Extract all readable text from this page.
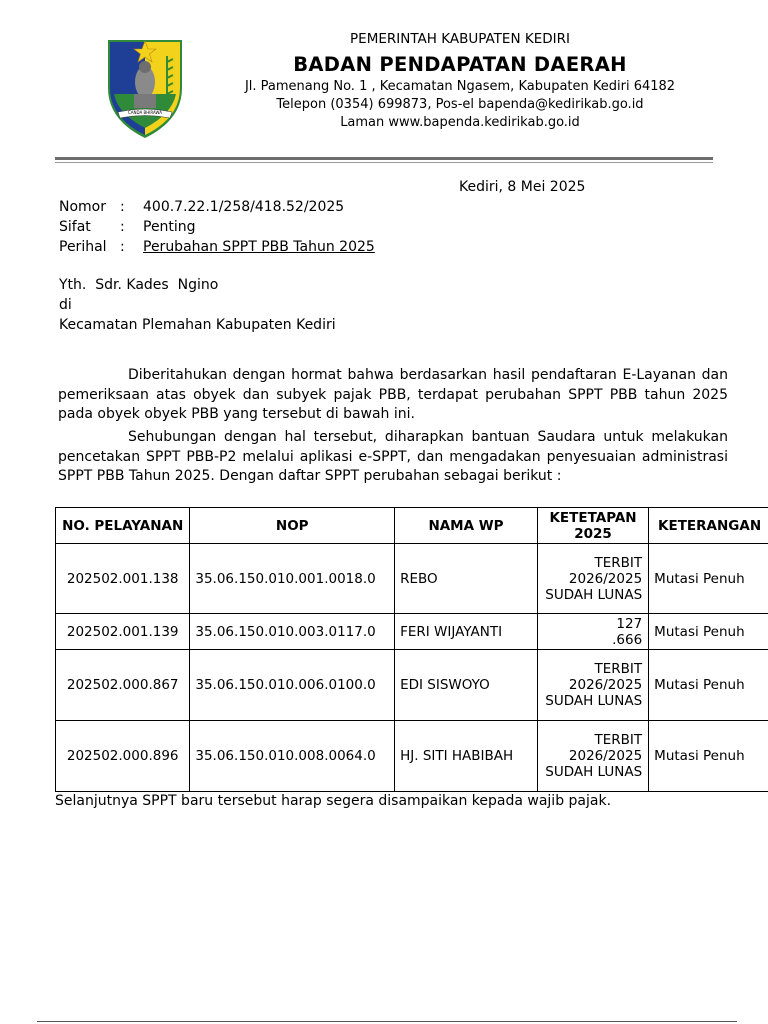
CANDA BHIRAWA
PEMERINTAH KABUPATEN KEDIRI
BADAN PENDAPATAN DAERAH
Jl. Pamenang No. 1 , Kecamatan Ngasem, Kabupaten Kediri 64182
Telepon (0354) 699873, Pos-el bapenda@kedirikab.go.id
Laman www.bapenda.kedirikab.go.id
Kediri, 8 Mei 2025
Nomor : 400.7.22.1/258/418.52/2025
Sifat : Penting
Perihal : Perubahan SPPT PBB Tahun 2025
Yth.  Sdr. Kades  Ngino
di
Kecamatan Plemahan Kabupaten Kediri
Diberitahukan dengan hormat bahwa berdasarkan hasil pendaftaran E-Layanan dan pemeriksaan atas obyek dan subyek pajak PBB, terdapat perubahan SPPT PBB tahun 2025 pada obyek obyek PBB yang tersebut di bawah ini.
Sehubungan dengan hal tersebut, diharapkan bantuan Saudara untuk melakukan pencetakan SPPT PBB-P2 melalui aplikasi e-SPPT, dan mengadakan penyesuaian administrasi SPPT PBB Tahun 2025. Dengan daftar SPPT perubahan sebagai berikut :
NO. PELAYANAN	NOP	NAMA WP	KETETAPAN 2025	KETERANGAN
202502.001.138	35.06.150.010.001.0018.0	REBO	TERBIT 2026/2025 SUDAH LUNAS	Mutasi Penuh
202502.001.139	35.06.150.010.003.0117.0	FERI WIJAYANTI	127 .666	Mutasi Penuh
202502.000.867	35.06.150.010.006.0100.0	EDI SISWOYO	TERBIT 2026/2025 SUDAH LUNAS	Mutasi Penuh
202502.000.896	35.06.150.010.008.0064.0	HJ. SITI HABIBAH	TERBIT 2026/2025 SUDAH LUNAS	Mutasi Penuh
Selanjutnya SPPT baru tersebut harap segera disampaikan kepada wajib pajak.
